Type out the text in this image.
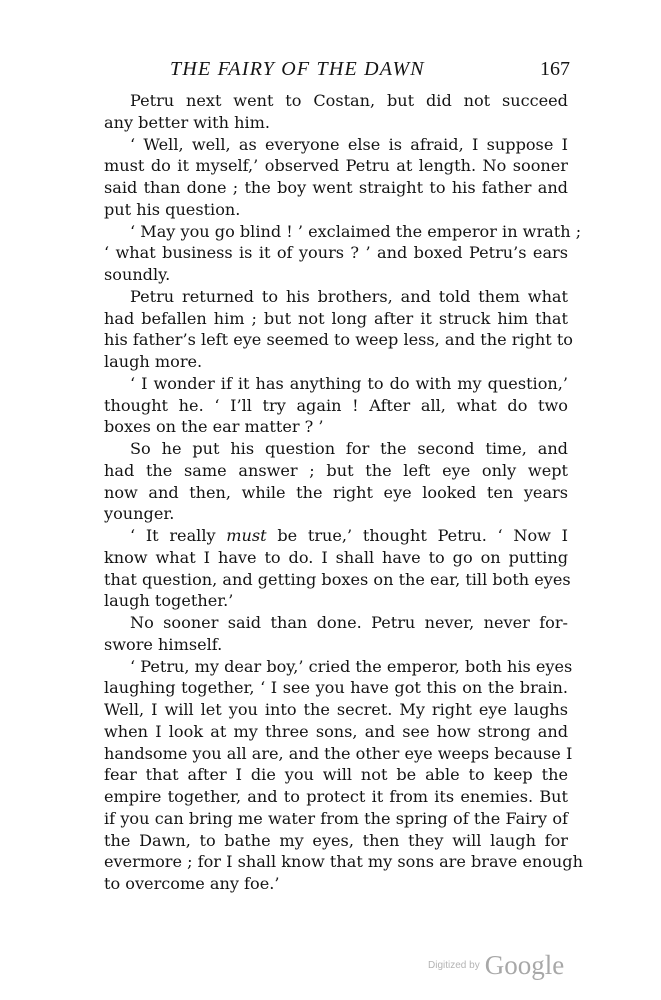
THE FAIRY OF THE DAWN	167

Petru next went to Costan, but did not succeed
any better with him.

‘ Well, well, as everyone else is afraid, I suppose I
must do it myself,’ observed Petru at length. No sooner
said than done ; the boy went straight to his father and
put his question.

‘ May you go blind ! ’ exclaimed the emperor in wrath ;
‘ what business is it of yours ? ’ and boxed Petru’s ears
soundly.

Petru returned to his brothers, and told them what
had befallen him ; but not long after it struck him that
his father’s left eye seemed to weep less, and the right to
laugh more.

‘ I wonder if it has anything to do with my question,’
thought he. ‘ I’ll try again ! After all, what do two
boxes on the ear matter ? ’

So he put his question for the second time, and
had the same answer ; but the left eye only wept
now and then, while the right eye looked ten years
younger.

‘ It really must be true,’ thought Petru. ‘ Now I
know what I have to do. I shall have to go on putting
that question, and getting boxes on the ear, till both eyes
laugh together.’

No sooner said than done. Petru never, never for-
swore himself.

‘ Petru, my dear boy,’ cried the emperor, both his eyes
laughing together, ‘ I see you have got this on the brain.
Well, I will let you into the secret. My right eye laughs
when I look at my three sons, and see how strong and
handsome you all are, and the other eye weeps because I
fear that after I die you will not be able to keep the
empire together, and to protect it from its enemies. But
if you can bring me water from the spring of the Fairy of
the Dawn, to bathe my eyes, then they will laugh for
evermore ; for I shall know that my sons are brave enough
to overcome any foe.’

Digitized by Google
